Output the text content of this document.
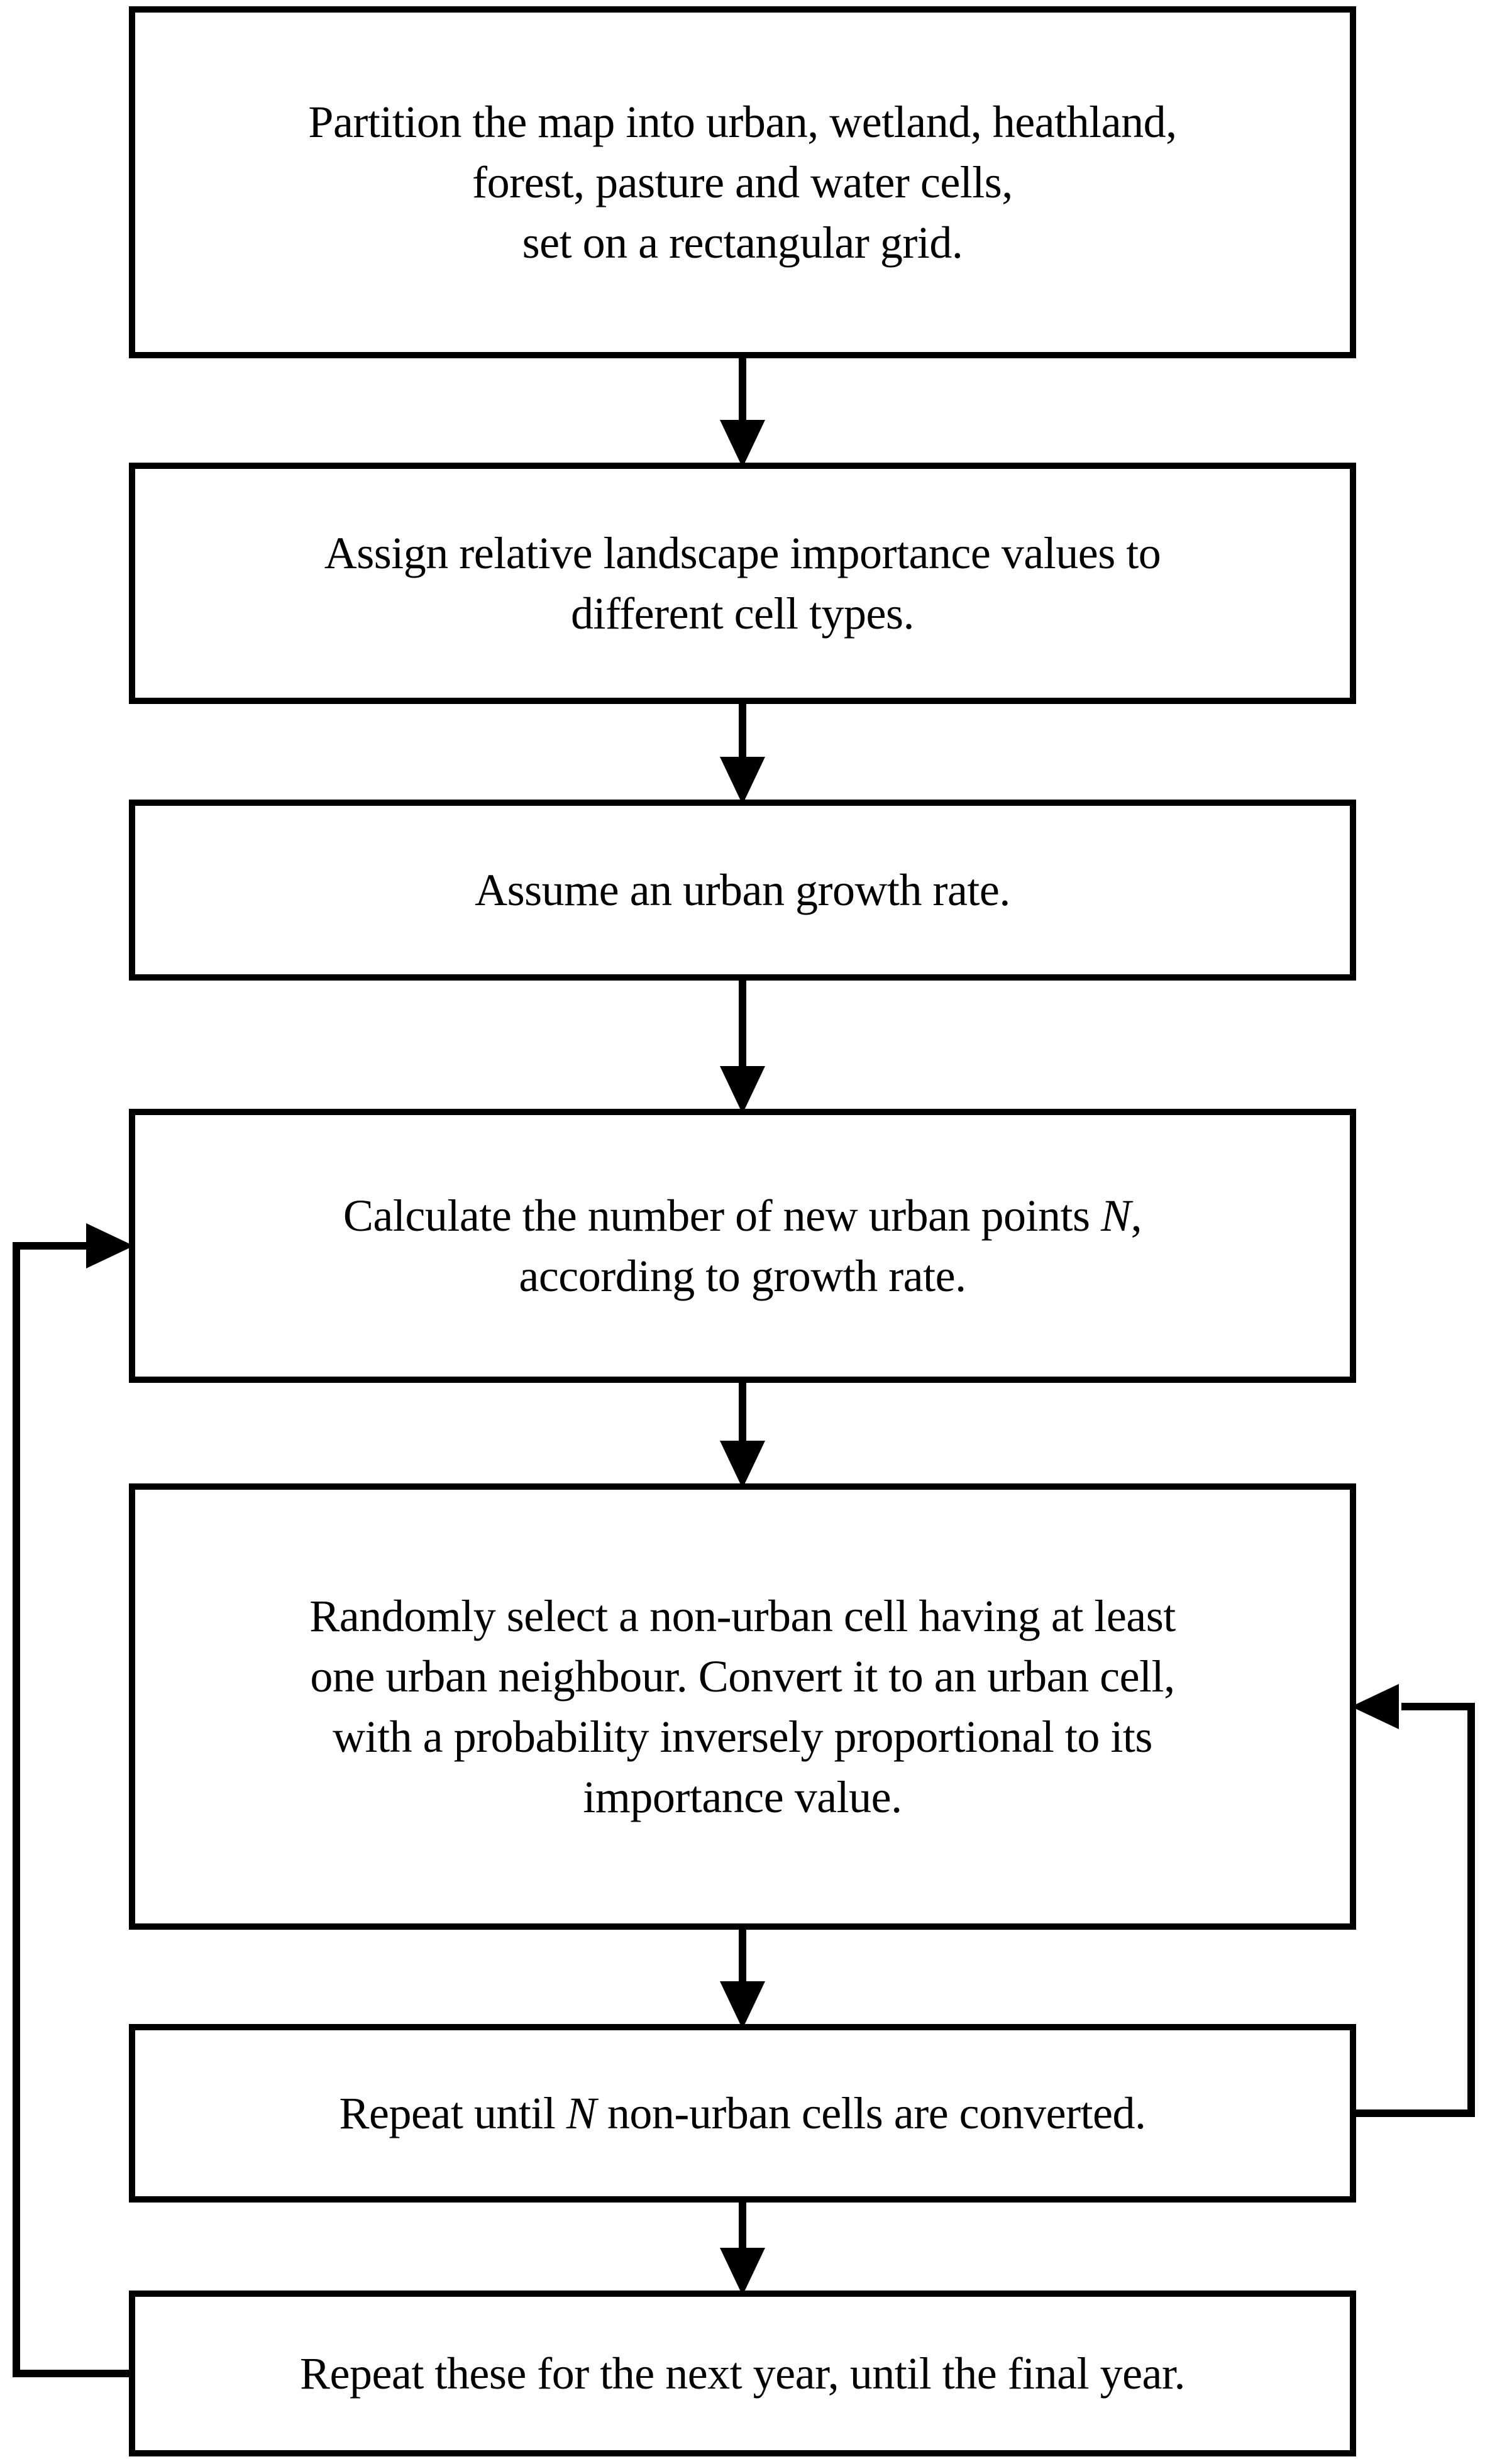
Partition the map into urban, wetland, heathland,
forest, pasture and water cells,
set on a rectangular grid.
Assign relative landscape importance values to
different cell types.
Assume an urban growth rate.
Calculate the number of new urban points N,
according to growth rate.
Randomly select a non-urban cell having at least
one urban neighbour. Convert it to an urban cell,
with a probability inversely proportional to its
importance value.
Repeat until N non-urban cells are converted.
Repeat these for the next year, until the final year.
